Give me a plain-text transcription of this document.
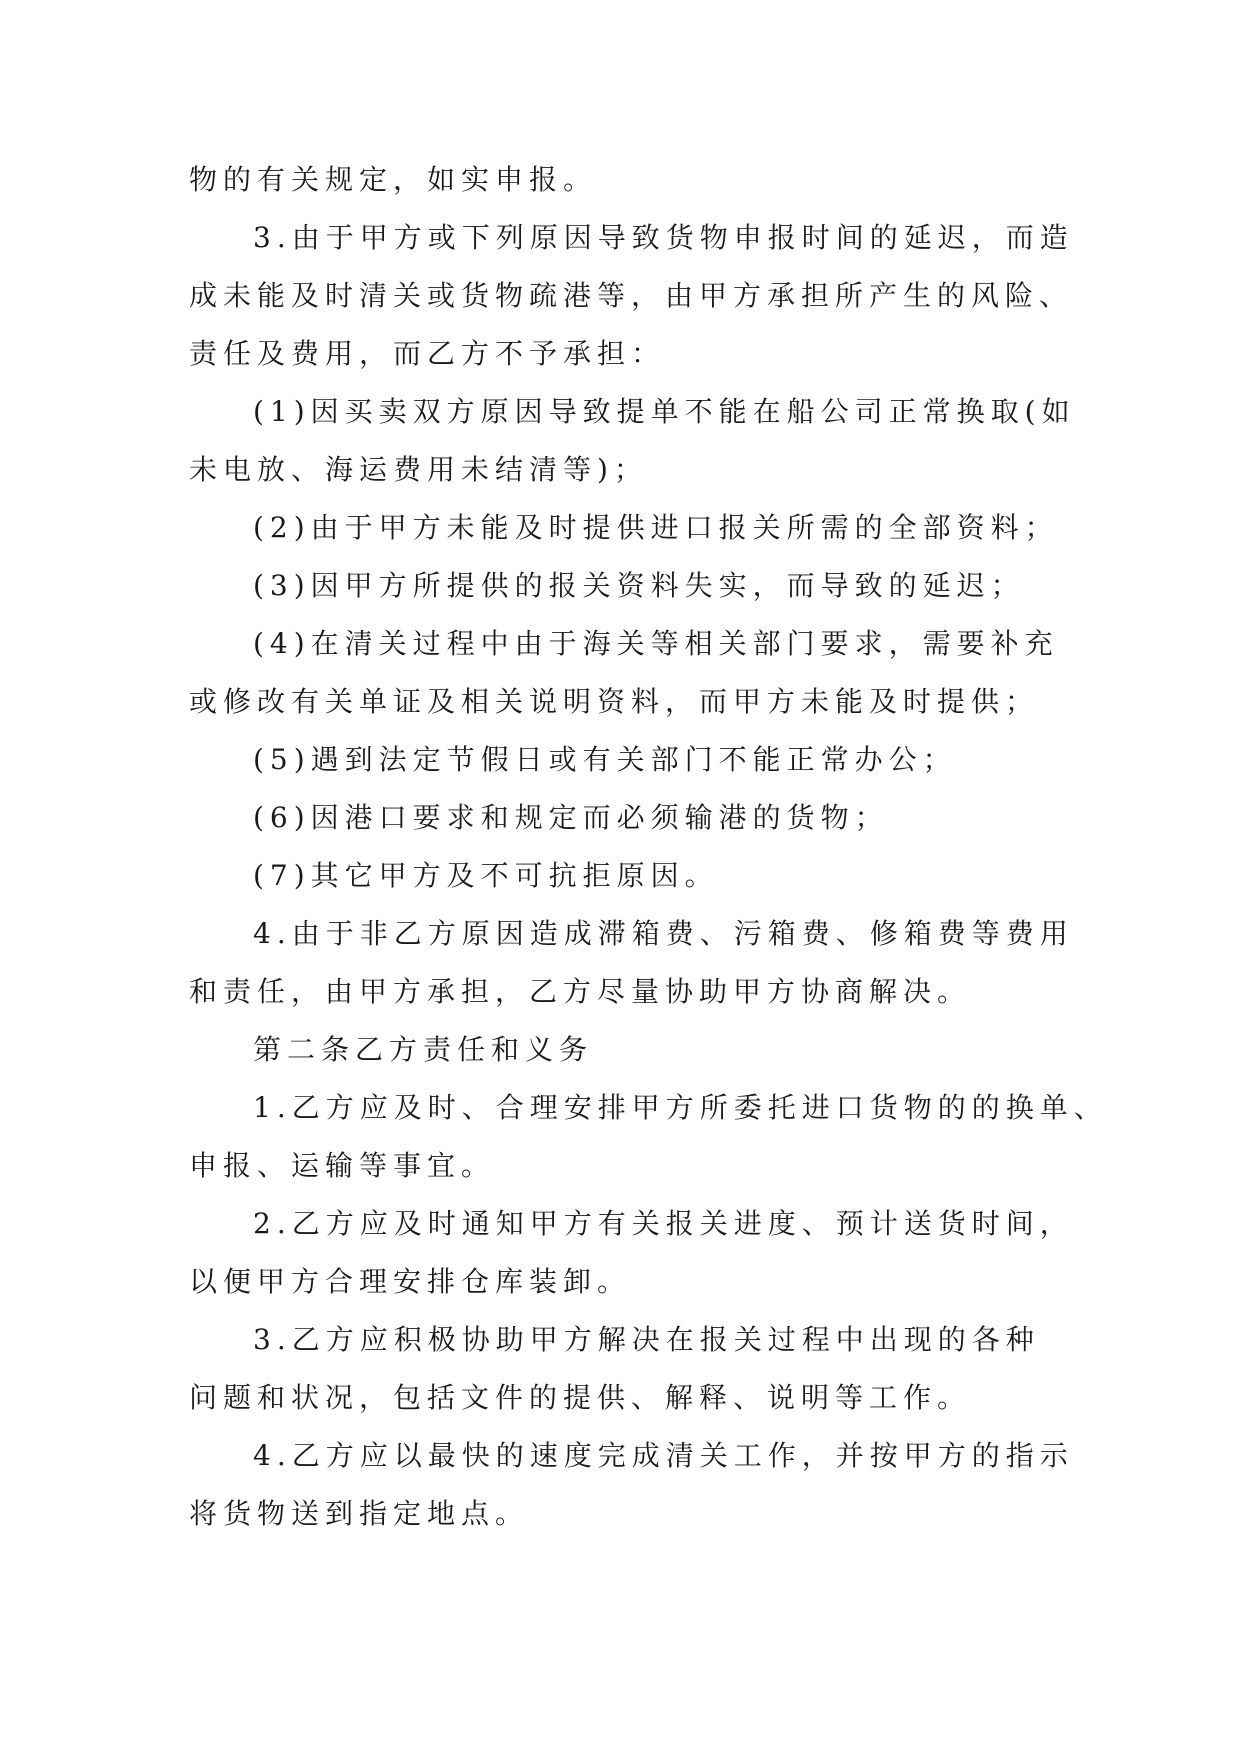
物的有关规定，如实申报。
3.由于甲方或下列原因导致货物申报时间的延迟，而造
成未能及时清关或货物疏港等，由甲方承担所产生的风险、
责任及费用，而乙方不予承担：
(1)因买卖双方原因导致提单不能在船公司正常换取(如
未电放、海运费用未结清等)；
(2)由于甲方未能及时提供进口报关所需的全部资料；
(3)因甲方所提供的报关资料失实，而导致的延迟；
(4)在清关过程中由于海关等相关部门要求，需要补充
或修改有关单证及相关说明资料，而甲方未能及时提供；
(5)遇到法定节假日或有关部门不能正常办公；
(6)因港口要求和规定而必须输港的货物；
(7)其它甲方及不可抗拒原因。
4.由于非乙方原因造成滞箱费、污箱费、修箱费等费用
和责任，由甲方承担，乙方尽量协助甲方协商解决。
第二条乙方责任和义务
1.乙方应及时、合理安排甲方所委托进口货物的的换单、
申报、运输等事宜。
2.乙方应及时通知甲方有关报关进度、预计送货时间，
以便甲方合理安排仓库装卸。
3.乙方应积极协助甲方解决在报关过程中出现的各种
问题和状况，包括文件的提供、解释、说明等工作。
4.乙方应以最快的速度完成清关工作，并按甲方的指示
将货物送到指定地点。
